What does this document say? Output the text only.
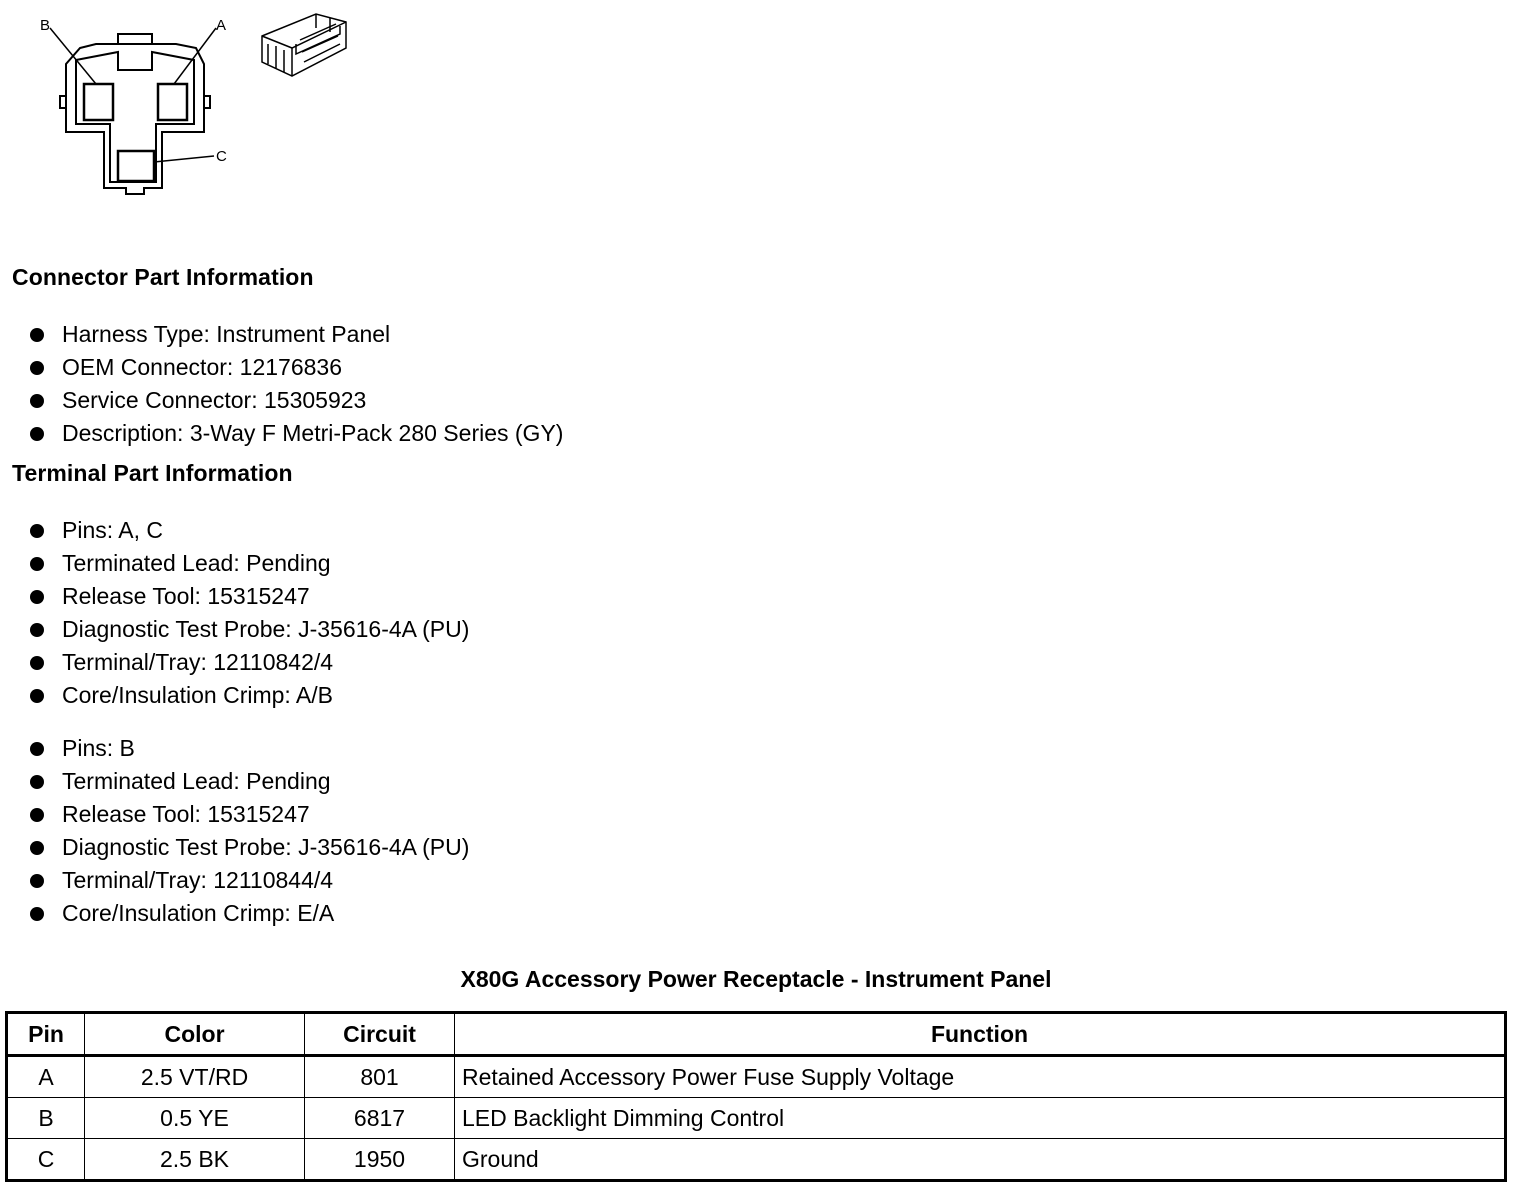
B	A
C
Connector Part Information
Harness Type: Instrument Panel
OEM Connector: 12176836
Service Connector: 15305923
Description: 3-Way F Metri-Pack 280 Series (GY)
Terminal Part Information
Pins: A, C
Terminated Lead: Pending
Release Tool: 15315247
Diagnostic Test Probe: J-35616-4A (PU)
Terminal/Tray: 12110842/4
Core/Insulation Crimp: A/B
Pins: B
Terminated Lead: Pending
Release Tool: 15315247
Diagnostic Test Probe: J-35616-4A (PU)
Terminal/Tray: 12110844/4
Core/Insulation Crimp: E/A
X80G Accessory Power Receptacle - Instrument Panel
Pin	Color	Circuit	Function
A	2.5 VT/RD	801	Retained Accessory Power Fuse Supply Voltage
B	0.5 YE	6817	LED Backlight Dimming Control
C	2.5 BK	1950	Ground
